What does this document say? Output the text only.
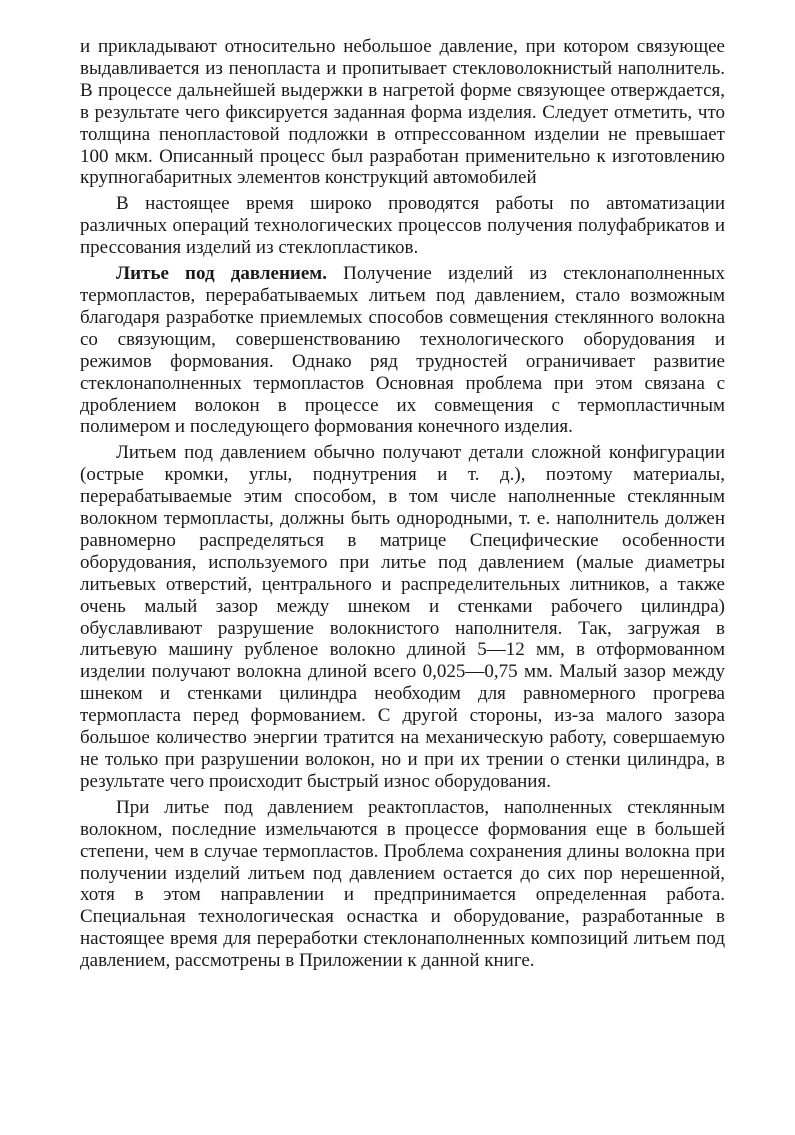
и прикладывают относительно небольшое давление, при котором связующее выдавливается из пенопласта и пропитывает стекловолокнистый наполнитель. В процессе дальнейшей выдержки в нагретой форме связующее отверждается, в результате чего фиксируется заданная форма изделия. Следует отметить, что толщина пенопластовой подложки в отпрессованном изделии не превышает 100 мкм. Описанный процесс был разработан применительно к изготовлению крупногабаритных элементов конструкций автомобилей

В настоящее время широко проводятся работы по автоматизации различных операций технологических процессов получения полуфабрикатов и прессования изделий из стеклопластиков.

Литье под давлением. Получение изделий из стеклонаполненных термопластов, перерабатываемых литьем под давлением, стало возможным благодаря разработке приемлемых способов совмещения стеклянного волокна со связующим, совершенствованию технологического оборудования и режимов формования. Однако ряд трудностей ограничивает развитие стеклонаполненных термопластов Основная проблема при этом связана с дроблением волокон в процессе их совмещения с термопластичным полимером и последующего формования конечного изделия.

Литьем под давлением обычно получают детали сложной конфигурации (острые кромки, углы, поднутрения и т. д.), поэтому материалы, перерабатываемые этим способом, в том числе наполненные стеклянным волокном термопласты, должны быть однородными, т. е. наполнитель должен равномерно распределяться в матрице Специфические особенности оборудования, используемого при литье под давлением (малые диаметры литьевых отверстий, центрального и распределительных литников, а также очень малый зазор между шнеком и стенками рабочего цилиндра) обуславливают разрушение волокнистого наполнителя. Так, загружая в литьевую машину рубленое волокно длиной 5—12 мм, в отформованном изделии получают волокна длиной всего 0,025—0,75 мм. Малый зазор между шнеком и стенками цилиндра необходим для равномерного прогрева термопласта перед формованием. С другой стороны, из-за малого зазора большое количество энергии тратится на механическую работу, совершаемую не только при разрушении волокон, но и при их трении о стенки цилиндра, в результате чего происходит быстрый износ оборудования.

При литье под давлением реактопластов, наполненных стеклянным волокном, последние измельчаются в процессе формования еще в большей степени, чем в случае термопластов. Проблема сохранения длины волокна при получении изделий литьем под давлением остается до сих пор нерешенной, хотя в этом направлении и предпринимается определенная работа. Специальная технологическая оснастка и оборудование, разработанные в настоящее время для переработки стеклонаполненных композиций литьем под давлением, рассмотрены в Приложении к данной книге.
